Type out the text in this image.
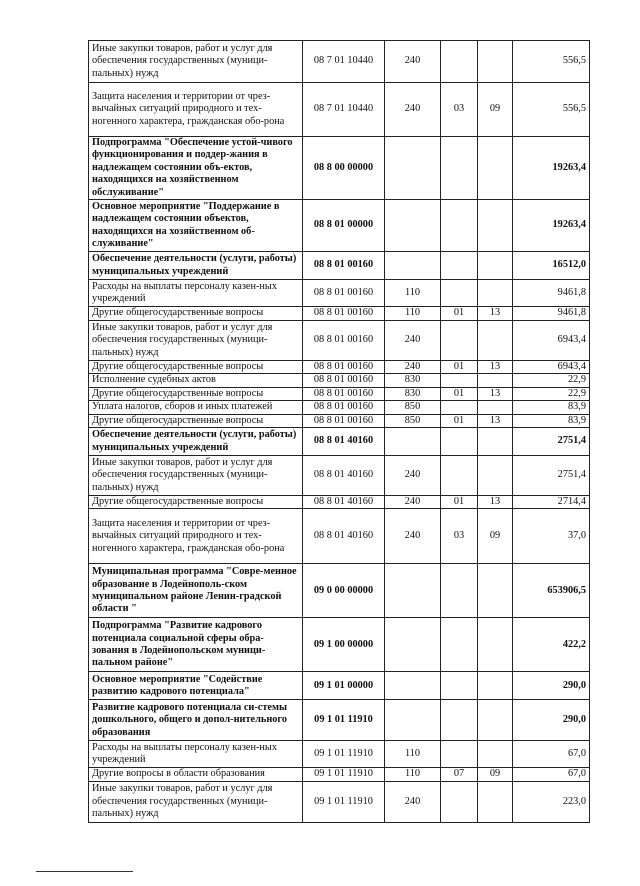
Иные закупки товаров, работ и услуг для обеспечения государственных (муници-пальных) нужд	08 7 01 10440	240			556,5
Защита населения и территории от чрез-вычайных ситуаций природного и тех-ногенного характера, гражданская обо-рона	08 7 01 10440	240	03	09	556,5
Подпрограмма "Обеспечение устой-чивого функционирования и поддер-жания в надлежащем состоянии объ-ектов, находящихся на хозяйственном обслуживание"	08 8 00 00000				19263,4
Основное мероприятие "Поддержание в надлежащем состоянии объектов, находящихся на хозяйственном об-служивание"	08 8 01 00000				19263,4
Обеспечение деятельности (услуги, работы) муниципальных учреждений	08 8 01 00160				16512,0
Расходы на выплаты персоналу казен-ных учреждений	08 8 01 00160	110			9461,8
Другие общегосударственные вопросы	08 8 01 00160	110	01	13	9461,8
Иные закупки товаров, работ и услуг для обеспечения государственных (муници-пальных) нужд	08 8 01 00160	240			6943,4
Другие общегосударственные вопросы	08 8 01 00160	240	01	13	6943,4
Исполнение судебных актов	08 8 01 00160	830			22,9
Другие общегосударственные вопросы	08 8 01 00160	830	01	13	22,9
Уплата налогов, сборов и иных платежей	08 8 01 00160	850			83,9
Другие общегосударственные вопросы	08 8 01 00160	850	01	13	83,9
Обеспечение деятельности (услуги, работы) муниципальных учреждений	08 8 01 40160				2751,4
Иные закупки товаров, работ и услуг для обеспечения государственных (муници-пальных) нужд	08 8 01 40160	240			2751,4
Другие общегосударственные вопросы	08 8 01 40160	240	01	13	2714,4
Защита населения и территории от чрез-вычайных ситуаций природного и тех-ногенного характера, гражданская обо-рона	08 8 01 40160	240	03	09	37,0
Муниципальная программа "Совре-менное образование в Лодейнополь-ском муниципальном районе Ленин-градской области "	09 0 00 00000				653906,5
Подпрограмма "Развитие кадрового потенциала социальной сферы обра-зования в Лодейнопольском муници-пальном районе"	09 1 00 00000				422,2
Основное мероприятие "Содействие развитию кадрового потенциала"	09 1 01 00000				290,0
Развитие кадрового потенциала си-стемы дошкольного, общего и допол-нительного образования	09 1 01 11910				290,0
Расходы на выплаты персоналу казен-ных учреждений	09 1 01 11910	110			67,0
Другие вопросы в области образования	09 1 01 11910	110	07	09	67,0
Иные закупки товаров, работ и услуг для обеспечения государственных (муници-пальных) нужд	09 1 01 11910	240			223,0
